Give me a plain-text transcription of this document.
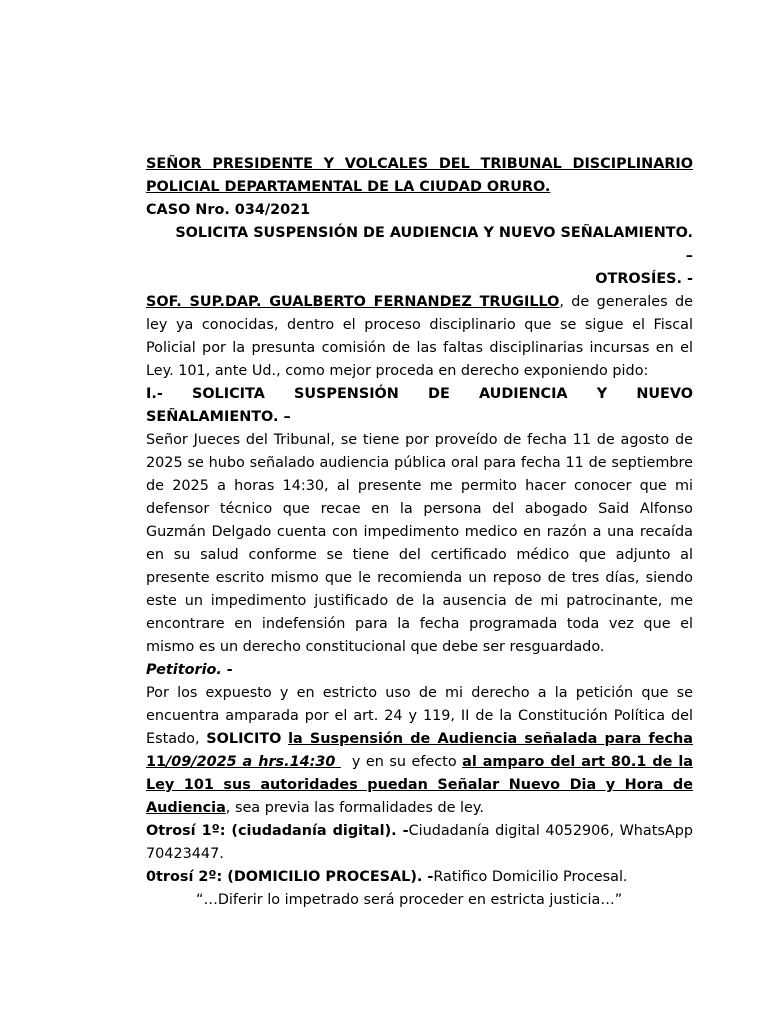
SEÑOR PRESIDENTE Y VOLCALES DEL TRIBUNAL DISCIPLINARIO
POLICIAL DEPARTAMENTAL DE LA CIUDAD ORURO.
CASO Nro. 034/2021
SOLICITA SUSPENSIÓN DE AUDIENCIA Y NUEVO SEÑALAMIENTO.
–
OTROSÍES. -
SOF. SUP.DAP. GUALBERTO FERNANDEZ TRUGILLO, de generales de ley ya conocidas, dentro el proceso disciplinario que se sigue el Fiscal Policial por la presunta comisión de las faltas disciplinarias incursas en el Ley. 101, ante Ud., como mejor proceda en derecho exponiendo pido:
I.- SOLICITA SUSPENSIÓN DE AUDIENCIA Y NUEVO
SEÑALAMIENTO. –
Señor Jueces del Tribunal, se tiene por proveído de fecha 11 de agosto de 2025 se hubo señalado audiencia pública oral para fecha 11 de septiembre de 2025 a horas 14:30, al presente me permito hacer conocer que mi defensor técnico que recae en la persona del abogado Said Alfonso Guzmán Delgado cuenta con impedimento medico en razón a una recaída en su salud conforme se tiene del certificado médico que adjunto al presente escrito mismo que le recomienda un reposo de tres días, siendo este un impedimento justificado de la ausencia de mi patrocinante, me encontrare en indefensión para la fecha programada toda vez que el mismo es un derecho constitucional que debe ser resguardado.
Petitorio. -
Por los expuesto y en estricto uso de mi derecho a la petición que se encuentra amparada por el art. 24 y 119, II de la Constitución Política del Estado, SOLICITO la Suspensión de Audiencia señalada para fecha 11/09/2025 a hrs.14:30 y en su efecto al amparo del art 80.1 de la Ley 101 sus autoridades puedan Señalar Nuevo Dia y Hora de Audiencia, sea previa las formalidades de ley.
Otrosí 1º: (ciudadanía digital). -Ciudadanía digital 4052906, WhatsApp 70423447.
0trosí 2º: (DOMICILIO PROCESAL). -Ratifico Domicilio Procesal.
“…Diferir lo impetrado será proceder en estricta justicia…”
